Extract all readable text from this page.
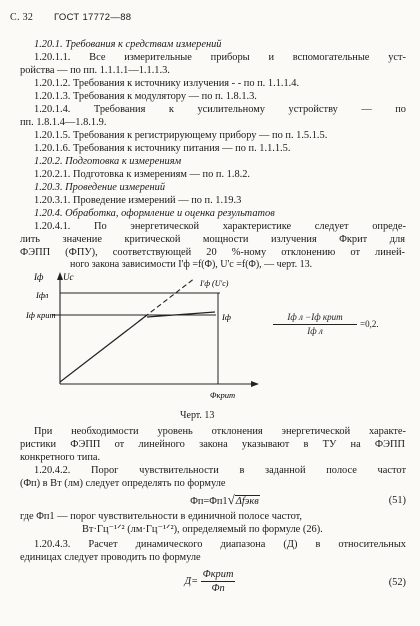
С. 32 ГОСТ 17772—88
1.20.1. Требования к средствам измерений
1.20.1.1. Все измерительные приборы и вспомогательные уст-
ройства — по пп. 1.1.1.1—1.1.1.3.
1.20.1.2. Требования к источнику излучения - - по п. 1.1.1.4.
1.20.1.3. Требования к модулятору — по п. 1.8.1.3.
1.20.1.4. Требования к усилительному устройству — по
пп. 1.8.1.4—1.8.1.9.
1.20.1.5. Требования к регистрирующему прибору — по п. 1.5.1.5.
1.20.1.6. Требования к источнику питания — по п. 1.1.1.5.
1.20.2. Подготовка к измерениям
1.20.2.1. Подготовка к измерениям — по п. 1.8.2.
1.20.3. Проведение измерений
1.20.3.1. Проведение измерений — по п. 1.19.3
1.20.4. Обработка, оформление и оценка результатов
1.20.4.1. По энергетической характеристике следует опреде-
лить значение критической мощности излучения Φкрит для
ФЭПП (ФПУ), соответствующей 20 %-ному отклонению от линей-
ного закона зависимости I'ф =f(Φ), U'с =f(Φ), — черт. 13.
Iф Uc
Iфл
Iф крит
I'ф (U'c)
Iф
Φкрит
Iф л −Iф крит
Iф л
=0,2.
Черт. 13
При необходимости уровень отклонения энергетической характе-
ристики ФЭПП от линейного закона указывают в ТУ на ФЭПП
конкретного типа.
1.20.4.2. Порог чувствительности в заданной полосе частот
(Φп) в Вт (лм) следует определять по формуле
Φп=Φп1√Δfэкв	(51)
где Φп1 — порог чувствительности в единичной полосе частот,
Вт·Гц⁻¹ᐟ² (лм·Гц⁻¹ᐟ²), определяемый по формуле (26).
1.20.4.3. Расчет динамического диапазона (Д) в относительных
единицах следует проводить по формуле
Д=
Φкрит
Φп
(52)
